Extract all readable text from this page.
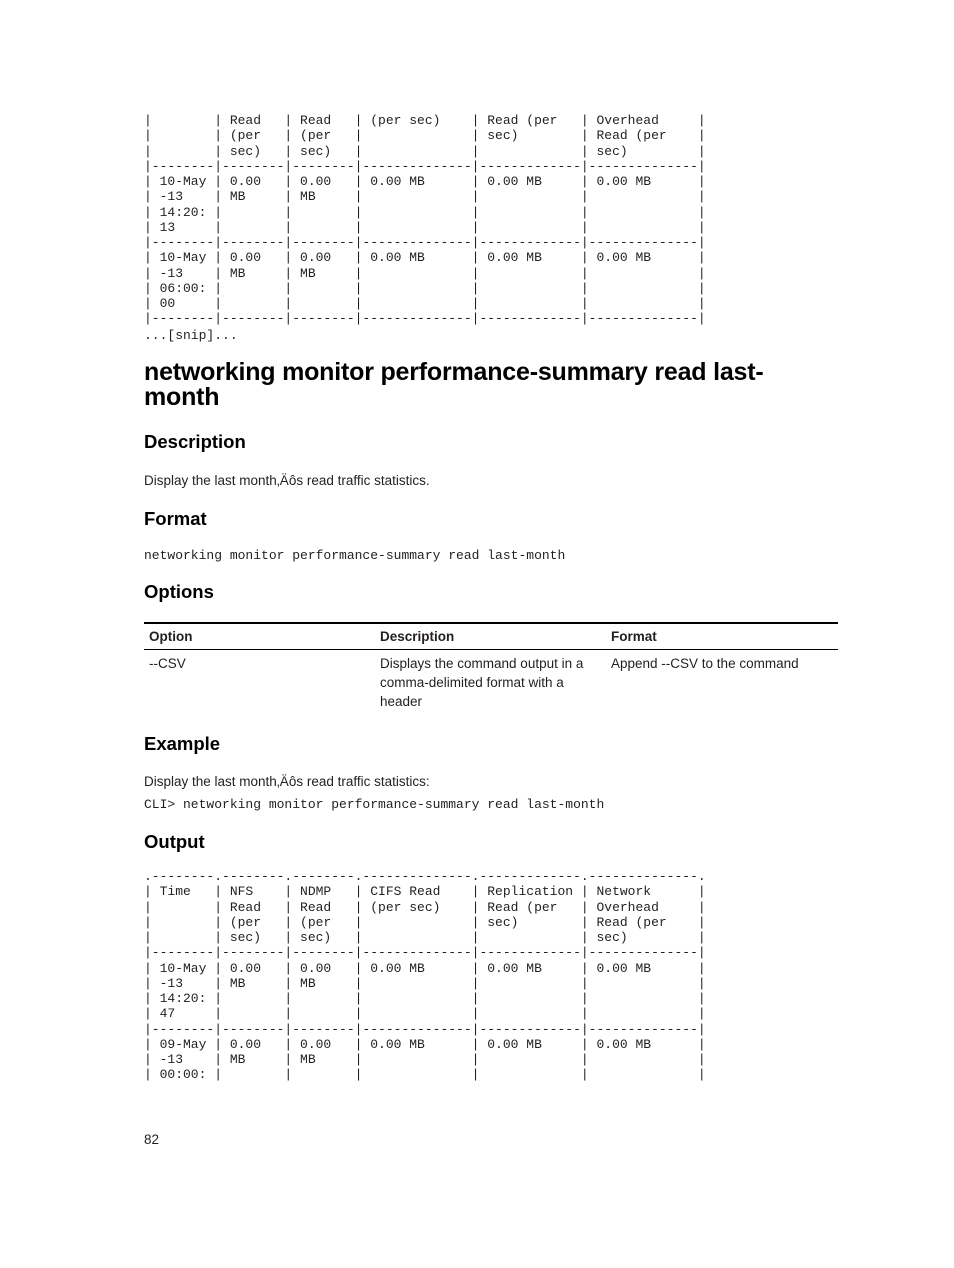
|        | Read   | Read   | (per sec)    | Read (per   | Overhead     |
|        | (per   | (per   |              | sec)        | Read (per    |
|        | sec)   | sec)   |              |             | sec)         |
|--------|--------|--------|--------------|-------------|--------------|
| 10-May | 0.00   | 0.00   | 0.00 MB      | 0.00 MB     | 0.00 MB      |
| -13    | MB     | MB     |              |             |              |
| 14:20: |        |        |              |             |              |
| 13     |        |        |              |             |              |
|--------|--------|--------|--------------|-------------|--------------|
| 10-May | 0.00   | 0.00   | 0.00 MB      | 0.00 MB     | 0.00 MB      |
| -13    | MB     | MB     |              |             |              |
| 06:00: |        |        |              |             |              |
| 00     |        |        |              |             |              |
|--------|--------|--------|--------------|-------------|--------------|
...[snip]...
networking monitor performance-summary read last-month
Description

Display the last month‚Äôs read traffic statistics.

Format
networking monitor performance-summary read last-month
Options
Option	Description	Format
--CSV	Displays the command output in a comma-delimited format with a header	Append --CSV to the command
Example

Display the last month‚Äôs read traffic statistics:

CLI> networking monitor performance-summary read last-month
Output
.--------.--------.--------.--------------.-------------.--------------.
| Time   | NFS    | NDMP   | CIFS Read    | Replication | Network      |
|        | Read   | Read   | (per sec)    | Read (per   | Overhead     |
|        | (per   | (per   |              | sec)        | Read (per    |
|        | sec)   | sec)   |              |             | sec)         |
|--------|--------|--------|--------------|-------------|--------------|
| 10-May | 0.00   | 0.00   | 0.00 MB      | 0.00 MB     | 0.00 MB      |
| -13    | MB     | MB     |              |             |              |
| 14:20: |        |        |              |             |              |
| 47     |        |        |              |             |              |
|--------|--------|--------|--------------|-------------|--------------|
| 09-May | 0.00   | 0.00   | 0.00 MB      | 0.00 MB     | 0.00 MB      |
| -13    | MB     | MB     |              |             |              |
| 00:00: |        |        |              |             |              |
82
